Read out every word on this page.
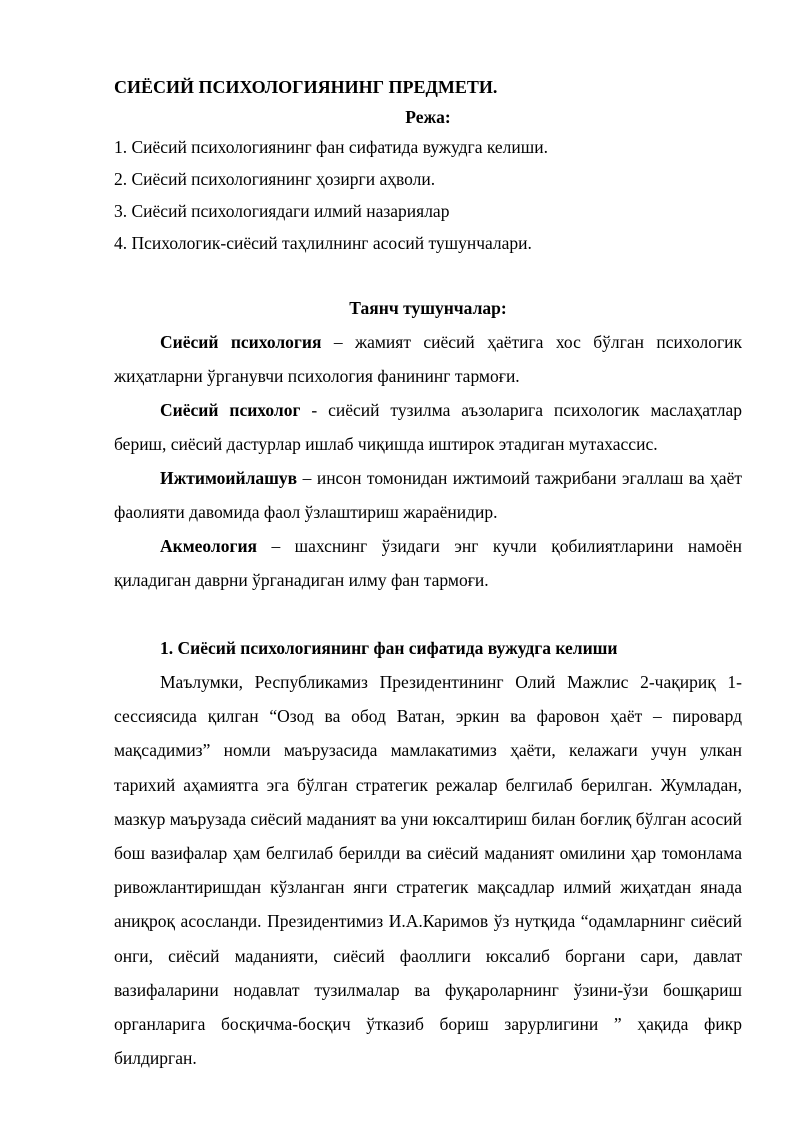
СИЁСИЙ ПСИХОЛОГИЯНИНГ ПРЕДМЕТИ.

Режа:

1. Сиёсий психологиянинг фан сифатида вужудга келиши.

2. Сиёсий психологиянинг ҳозирги аҳволи.

3. Сиёсий психологиядаги илмий назариялар

4. Психологик-сиёсий таҳлилнинг асосий тушунчалари.

Таянч тушунчалар:

Сиёсий психология – жамият сиёсий ҳаётига хос бўлган психологик жиҳатларни ўрганувчи психология фанининг тармоғи.

Сиёсий психолог - сиёсий тузилма аъзоларига психологик маслаҳатлар бериш, сиёсий дастурлар ишлаб чиқишда иштирок этадиган мутахассис.

Ижтимоийлашув – инсон томонидан ижтимоий тажрибани эгаллаш ва ҳаёт фаолияти давомида фаол ўзлаштириш жараёнидир.

Акмеология – шахснинг ўзидаги энг кучли қобилиятларини намоён қиладиган даврни ўрганадиган илму фан тармоғи.

1. Сиёсий психологиянинг фан сифатида вужудга келиши

Маълумки, Республикамиз Президентининг Олий Мажлис 2-чақириқ 1-сессиясида қилган “Озод ва обод Ватан, эркин ва фаровон ҳаёт – пировард мақсадимиз” номли маърузасида мамлакатимиз ҳаёти, келажаги учун улкан тарихий аҳамиятга эга бўлган стратегик режалар белгилаб берилган. Жумладан, мазкур маърузада сиёсий маданият ва уни юксалтириш билан боғлиқ бўлган асосий бош вазифалар ҳам белгилаб берилди ва сиёсий маданият омилини ҳар томонлама ривожлантиришдан кўзланган янги стратегик мақсадлар илмий жиҳатдан янада аниқроқ асосланди. Президентимиз И.А.Каримов ўз нутқида “одамларнинг сиёсий онги, сиёсий маданияти, сиёсий фаоллиги юксалиб боргани сари, давлат вазифаларини нодавлат тузилмалар ва фуқароларнинг ўзини-ўзи бошқариш органларига босқичма-босқич ўтказиб бориш зарурлигини ” ҳақида фикр билдирган.
